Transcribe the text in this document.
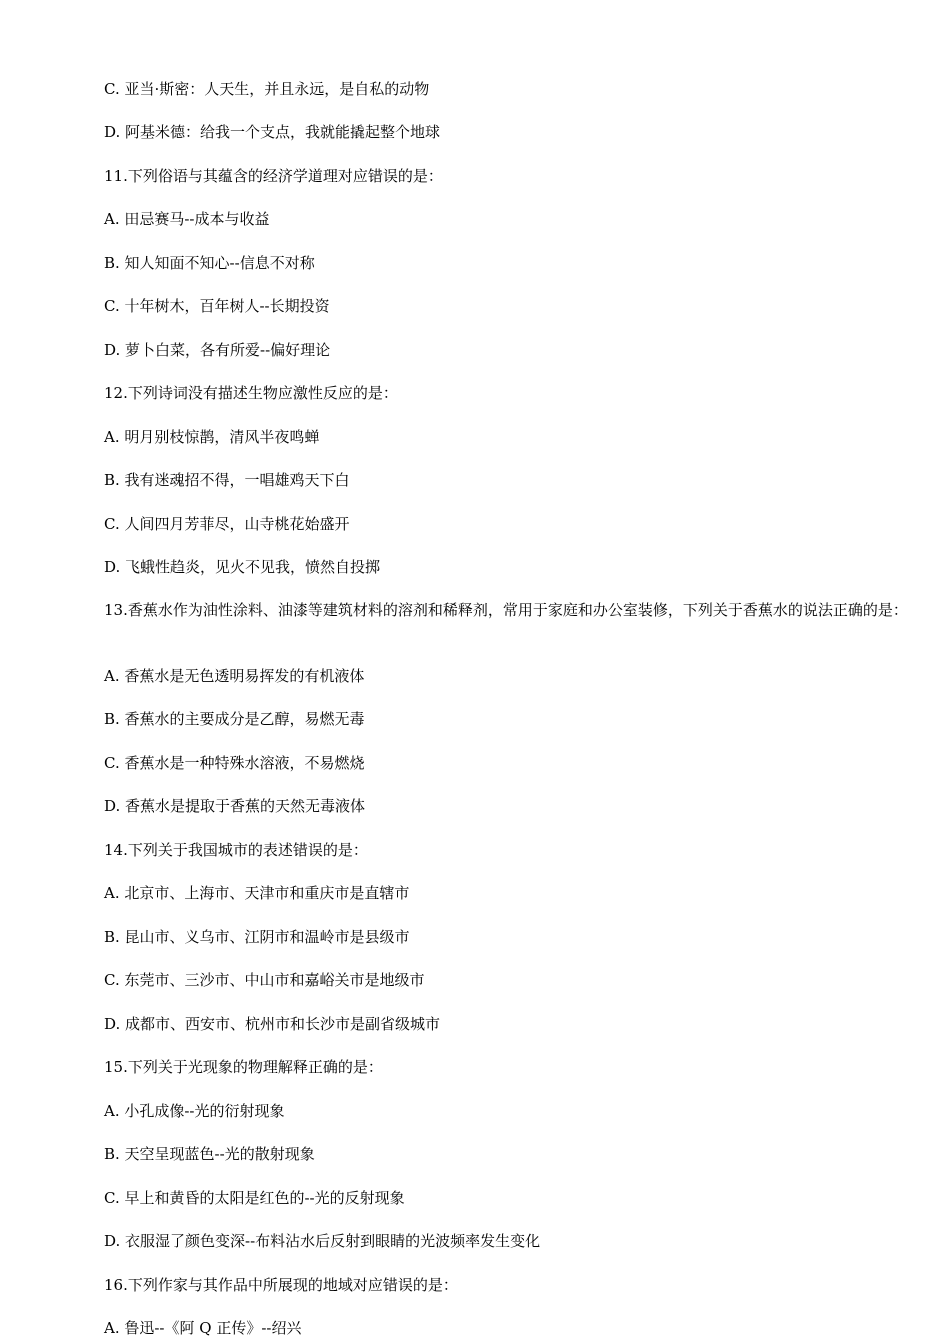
C. 亚当·斯密：人天生，并且永远，是自私的动物
D. 阿基米德：给我一个支点，我就能撬起整个地球
11.下列俗语与其蕴含的经济学道理对应错误的是：
A. 田忌赛马--成本与收益
B. 知人知面不知心--信息不对称
C. 十年树木，百年树人--长期投资
D. 萝卜白菜，各有所爱--偏好理论
12.下列诗词没有描述生物应激性反应的是：
A. 明月别枝惊鹊，清风半夜鸣蝉
B. 我有迷魂招不得，一唱雄鸡天下白
C. 人间四月芳菲尽，山寺桃花始盛开
D. 飞蛾性趋炎，见火不见我，愤然自投掷
13.香蕉水作为油性涂料、油漆等建筑材料的溶剂和稀释剂，常用于家庭和办公室装修，下列关于香蕉水的说法正确的是：
A. 香蕉水是无色透明易挥发的有机液体
B. 香蕉水的主要成分是乙醇，易燃无毒
C. 香蕉水是一种特殊水溶液，不易燃烧
D. 香蕉水是提取于香蕉的天然无毒液体
14.下列关于我国城市的表述错误的是：
A. 北京市、上海市、天津市和重庆市是直辖市
B. 昆山市、义乌市、江阴市和温岭市是县级市
C. 东莞市、三沙市、中山市和嘉峪关市是地级市
D. 成都市、西安市、杭州市和长沙市是副省级城市
15.下列关于光现象的物理解释正确的是：
A. 小孔成像--光的衍射现象
B. 天空呈现蓝色--光的散射现象
C. 早上和黄昏的太阳是红色的--光的反射现象
D. 衣服湿了颜色变深--布料沾水后反射到眼睛的光波频率发生变化
16.下列作家与其作品中所展现的地域对应错误的是：
A. 鲁迅--《阿 Q 正传》--绍兴
